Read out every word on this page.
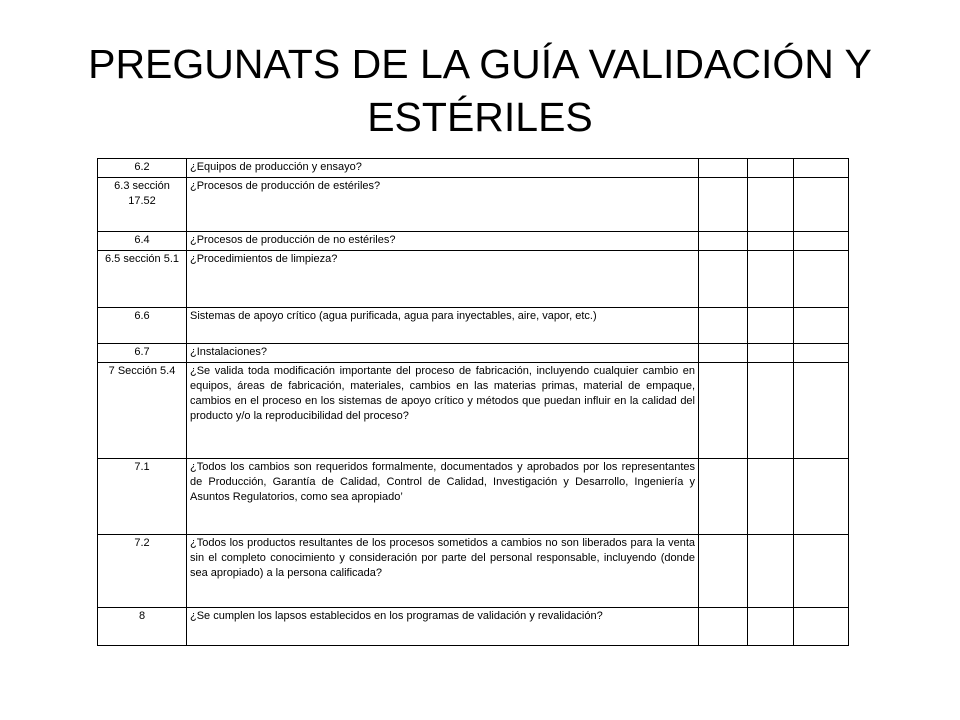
PREGUNATS DE LA GUÍA VALIDACIÓN Y ESTÉRILES
6.2	¿Equipos de producción y ensayo?			
6.3 sección 17.52	¿Procesos de producción de estériles?			
6.4	¿Procesos de producción de no estériles?			
6.5 sección 5.1	¿Procedimientos de limpieza?			
6.6	Sistemas de apoyo crítico (agua purificada, agua para inyectables, aire, vapor, etc.)			
6.7	¿Instalaciones?			
7 Sección 5.4	¿Se valida toda modificación importante del proceso de fabricación, incluyendo cualquier cambio en equipos, áreas de fabricación, materiales, cambios en las materias primas, material de empaque, cambios en el proceso en los sistemas de apoyo crítico y métodos que puedan influir en la calidad del producto y/o la reproducibilidad del proceso?			
7.1	¿Todos los cambios son requeridos formalmente, documentados y aprobados por los representantes de Producción, Garantía de Calidad, Control de Calidad, Investigación y Desarrollo, Ingeniería y Asuntos Regulatorios, como sea apropiado’			
7.2	¿Todos los productos resultantes de los procesos sometidos a cambios no son liberados para la venta sin el completo conocimiento y consideración por parte del personal responsable, incluyendo (donde sea apropiado) a la persona calificada?			
8	¿Se cumplen los lapsos establecidos en los programas de validación y revalidación?			
